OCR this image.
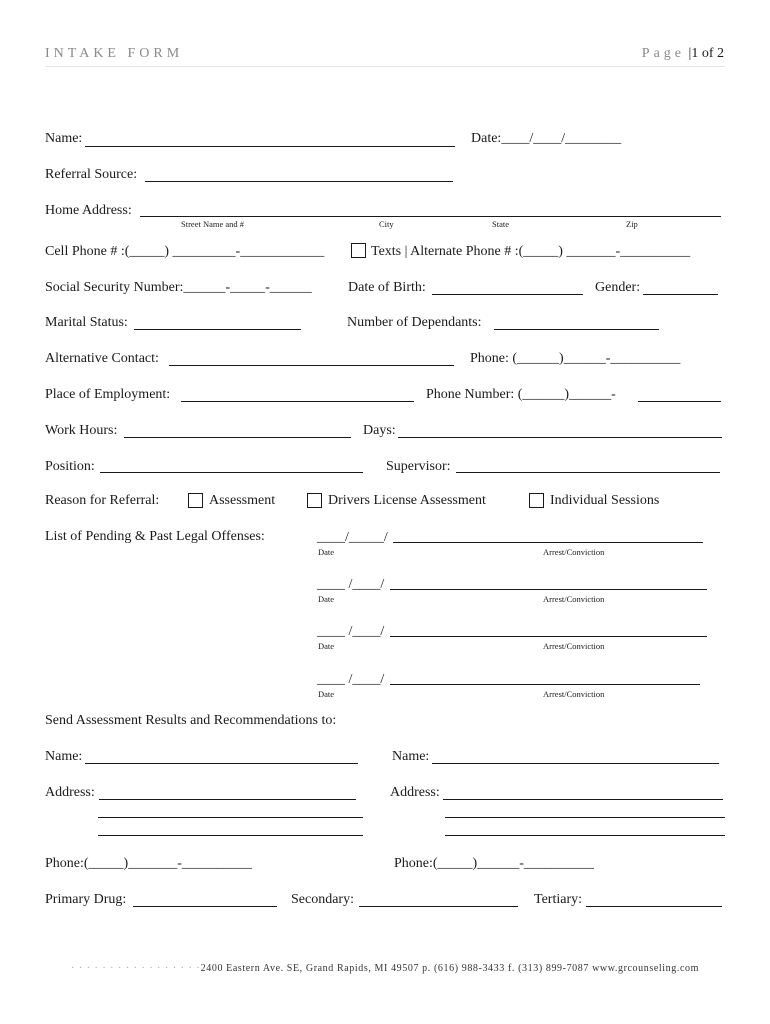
INTAKE FORM	Page |1 of 2
Name:	Date:____/____/________
Referral Source:
Home Address:
Street Name and #	City	State	Zip
Cell Phone # :(_____) _________-____________	Texts | Alternate Phone # :(_____) _______-__________
Social Security Number:______-_____-______	Date of Birth:	Gender:
Marital Status:	Number of Dependants:
Alternative Contact:	Phone: (______)______-__________
Place of Employment:	Phone Number: (______)______-
Work Hours:	Days:
Position:	Supervisor:
Reason for Referral:	Assessment	Drivers License Assessment	Individual Sessions
List of Pending & Past Legal Offenses:	____/_____/
Date	Arrest/Conviction
____ /____/
Date	Arrest/Conviction
____ /____/
Date	Arrest/Conviction
____ /____/
Date	Arrest/Conviction
Send Assessment Results and Recommendations to:
Name:	Name:
Address:	Address:
Phone:(_____)_______-__________	Phone:(_____)______-__________
Primary Drug:	Secondary:	Tertiary:
· · · · · · · · · · · · · · · · ·2400 Eastern Ave. SE, Grand Rapids, MI 49507 p. (616) 988-3433 f. (313) 899-7087 www.grcounseling.com
